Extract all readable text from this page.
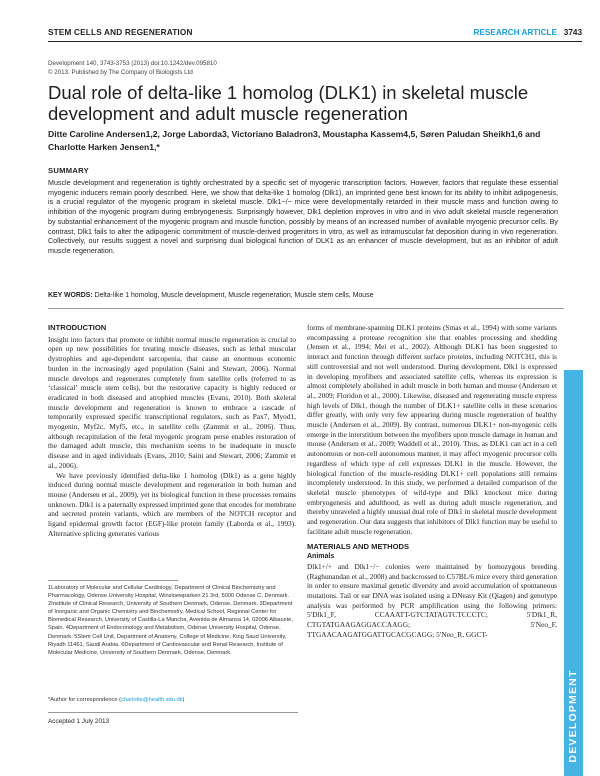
STEM CELLS AND REGENERATION	RESEARCH ARTICLE 3743
Development 140, 3743-3753 (2013) doi:10.1242/dev.095810
© 2013. Published by The Company of Biologists Ltd
Dual role of delta-like 1 homolog (DLK1) in skeletal muscle development and adult muscle regeneration
Ditte Caroline Andersen1,2, Jorge Laborda3, Victoriano Baladron3, Moustapha Kassem4,5, Søren Paludan Sheikh1,6 and Charlotte Harken Jensen1,*
SUMMARY
Muscle development and regeneration is tightly orchestrated by a specific set of myogenic transcription factors. However, factors that regulate these essential myogenic inducers remain poorly described. Here, we show that delta-like 1 homolog (Dlk1), an imprinted gene best known for its ability to inhibit adipogenesis, is a crucial regulator of the myogenic program in skeletal muscle. Dlk1−/− mice were developmentally retarded in their muscle mass and function owing to inhibition of the myogenic program during embryogenesis. Surprisingly however, Dlk1 depletion improves in vitro and in vivo adult skeletal muscle regeneration by substantial enhancement of the myogenic program and muscle function, possibly by means of an increased number of available myogenic precursor cells. By contrast, Dlk1 fails to alter the adipogenic commitment of muscle-derived progenitors in vitro, as well as intramuscular fat deposition during in vivo regeneration. Collectively, our results suggest a novel and surprising dual biological function of DLK1 as an enhancer of muscle development, but as an inhibitor of adult muscle regeneration.
KEY WORDS: Delta-like 1 homolog, Muscle development, Muscle regeneration, Muscle stem cells, Mouse
INTRODUCTION
Insight into factors that promote or inhibit normal muscle regeneration is crucial to open up new possibilities for treating muscle diseases, such as lethal muscular dystrophies and age-dependent sarcopenia, that cause an enormous economic burden in the increasingly aged population (Saini and Stewart, 2006). Normal muscle develops and regenerates completely from satellite cells (referred to as ‘classical’ muscle stem cells), but the restorative capacity is highly reduced or eradicated in both diseased and atrophied muscles (Evans, 2010). Both skeletal muscle development and regeneration is known to embrace a cascade of temporarily expressed specific transcriptional regulators, such as Pax7, Myod1, myogenin, Myf2c, Myf5, etc., in satellite cells (Zammit et al., 2006). Thus, although recapitulation of the fetal myogenic program perse enables restoration of the damaged adult muscle, this mechanism seems to be inadequate in muscle disease and in aged individuals (Evans, 2010; Saini and Stewart, 2006; Zammit et al., 2006).
We have previously identified delta-like 1 homolog (Dlk1) as a gene highly induced during normal muscle development and regeneration in both human and mouse (Andersen et al., 2009), yet its biological function in these processes remains unknown. Dlk1 is a paternally expressed imprinted gene that encodes for membrane and secreted protein variants, which are members of the NOTCH receptor and ligand epidermal growth factor (EGF)-like protein family (Laborda et al., 1993). Alternative splicing generates various
1Laboratory of Molecular and Cellular Cardiology, Department of Clinical Biochemistry and Pharmacology, Odense University Hospital, Winsloewparken 21 3rd, 5000 Odense C, Denmark. 2Institute of Clinical Research, University of Southern Denmark, Odense, Denmark. 3Department of Inorganic and Organic Chemistry and Biochemistry, Medical School, Regional Center for Biomedical Research, University of Castilla-La Mancha, Avenida de Almansa 14, 02006 Albacete, Spain. 4Department of Endocrinology and Metabolism, Odense University Hospital, Odense, Denmark. 5Stem Cell Unit, Department of Anatomy, College of Medicine, King Saud University, Riyadh 11461, Saudi Arabia. 6Department of Cardiovascular and Renal Research, Institute of Molecular Medicine, University of Southern Denmark, Odense, Denmark.
*Author for correspondence (charlotte@health.sdu.dk)
Accepted 1 July 2013
forms of membrane-spanning DLK1 proteins (Smas et al., 1994) with some variants encompassing a protease recognition site that enables processing and shedding (Jensen et al., 1994; Mei et al., 2002). Although DLK1 has been suggested to interact and function through different surface proteins, including NOTCH1, this is still controversial and not well understood. During development, Dlk1 is expressed in developing myofibers and associated satellite cells, whereas its expression is almost completely abolished in adult muscle in both human and mouse (Andersen et al., 2009; Floridon et al., 2000). Likewise, diseased and regenerating muscle express high levels of Dlk1, though the number of DLK1+ satellite cells in these scenarios differ greatly, with only very few appearing during muscle regeneration of healthy muscle (Andersen et al., 2009). By contrast, numerous DLK1+ non-myogenic cells emerge in the interstitium between the myofibers upon muscle damage in human and mouse (Andersen et al., 2009; Waddell et al., 2010). Thus, as DLK1 can act in a cell autonomous or non-cell autonomous manner, it may affect myogenic precursor cells regardless of which type of cell expresses DLK1 in the muscle. However, the biological function of the muscle-residing DLK1+ cell populations still remains incompletely understood. In this study, we performed a detailed comparison of the skeletal muscle phenotypes of wild-type and Dlk1 knockout mice during embryogenesis and adulthood, as well as during adult muscle regeneration, and thereby unraveled a highly unusual dual role of Dlk1 in skeletal muscle development and regeneration. Our data suggests that inhibitors of Dlk1 function may be useful to facilitate adult muscle regeneration.
MATERIALS AND METHODS
Animals
Dlk1+/+ and Dlk1−/− colonies were maintained by homozygous breeding (Raghunandan et al., 2008) and backcrossed to C57BL/6 mice every third generation in order to ensure maximal genetic diversity and avoid accumulation of spontaneous mutations. Tail or ear DNA was isolated using a DNeasy Kit (Qiagen) and genotype analysis was performed by PCR amplification using the following primers: 5′Dlk1_F, CCAAATT-GTCTATAGTCTCCCTC; 5′Dlk1_R, CTGTATGAAGAGGACCAAGG; 5′Neo_F, TTGAACAAGATGGATTGCACGCAGG; 5′Neo_R, GGCT-
DEVELOPMENT
